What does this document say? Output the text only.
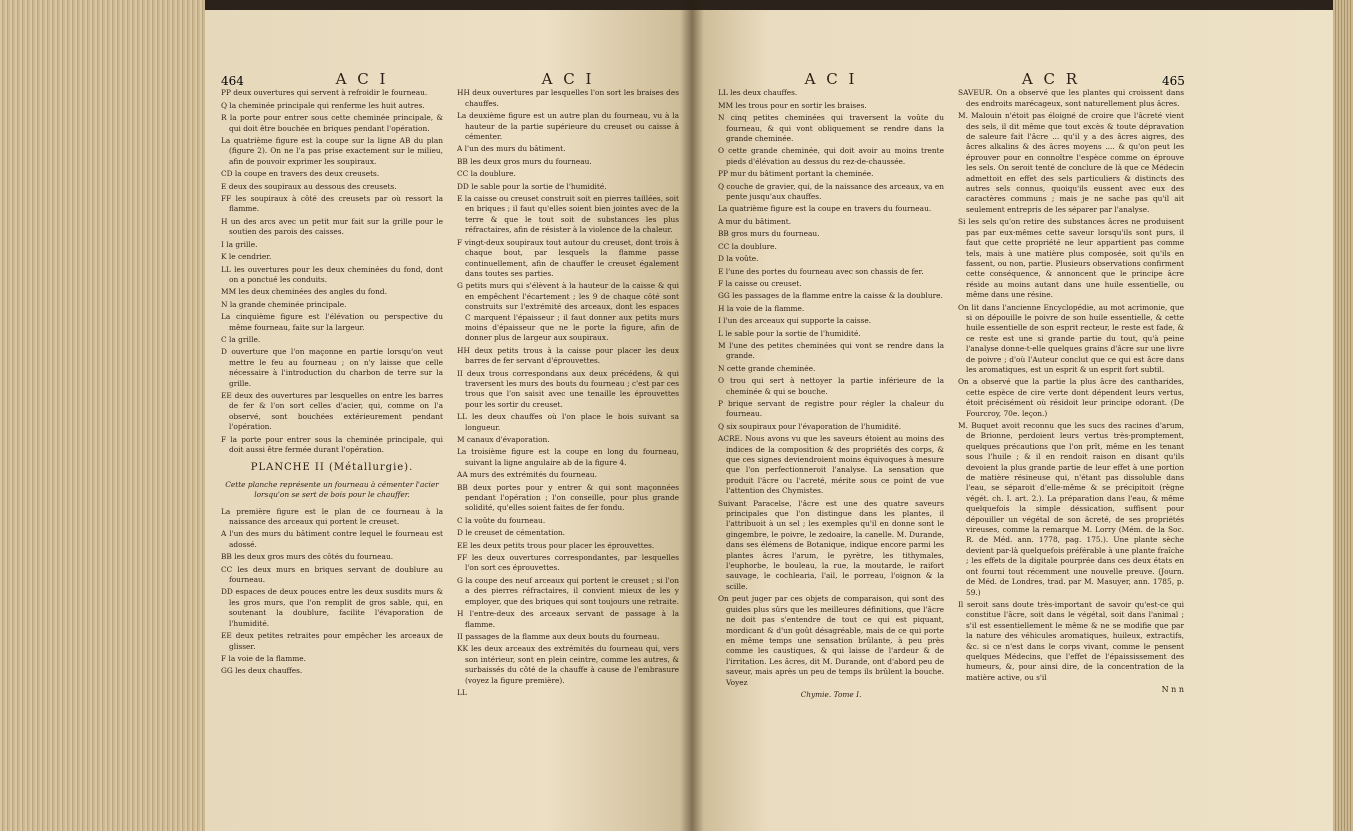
464	A C I

PP deux ouvertures qui servent à refroidir le fourneau.

Q la cheminée principale qui renferme les huit autres.

R la porte pour entrer sous cette cheminée principale, & qui doit être bouchée en briques pendant l'opération.

La quatrième figure est la coupe sur la ligne AB du plan (figure 2). On ne l'a pas prise exactement sur le milieu, afin de pouvoir exprimer les soupiraux.

CD la coupe en travers des deux creusets.

E deux des soupiraux au dessous des creusets.

FF les soupiraux à côté des creusets par où ressort la flamme.

H un des arcs avec un petit mur fait sur la grille pour le soutien des parois des caisses.

I la grille.

K le cendrier.

LL les ouvertures pour les deux cheminées du fond, dont on a ponctué les conduits.

MM les deux cheminées des angles du fond.

N la grande cheminée principale.

La cinquième figure est l'élévation ou perspective du même fourneau, faite sur la largeur.

C la grille.

D ouverture que l'on maçonne en partie lorsqu'on veut mettre le feu au fourneau ; on n'y laisse que celle nécessaire à l'introduction du charbon de terre sur la grille.

EE deux des ouvertures par lesquelles on entre les barres de fer & l'on sort celles d'acier, qui, comme on l'a observé, sont bouchées extérieurement pendant l'opération.

F la porte pour entrer sous la cheminée principale, qui doit aussi être fermée durant l'opération.

PLANCHE II (Métallurgie).

Cette planche représente un fourneau à cémenter l'acier lorsqu'on se sert de bois pour le chauffer.

La première figure est le plan de ce fourneau à la naissance des arceaux qui portent le creuset.

A l'un des murs du bâtiment contre lequel le fourneau est adossé.

BB les deux gros murs des côtés du fourneau.

CC les deux murs en briques servant de doublure au fourneau.

DD espaces de deux pouces entre les deux susdits murs & les gros murs, que l'on remplit de gros sable, qui, en soutenant la doublure, facilite l'évaporation de l'humidité.

EE deux petites retraites pour empêcher les arceaux de glisser.

F la voie de la flamme.

GG les deux chauffes.

A C I

HH deux ouvertures par lesquelles l'on sort les braises des chauffes.

La deuxième figure est un autre plan du fourneau, vu à la hauteur de la partie supérieure du creuset ou caisse à cémenter.

A l'un des murs du bâtiment.

BB les deux gros murs du fourneau.

CC la doublure.

DD le sable pour la sortie de l'humidité.

E la caisse ou creuset construit soit en pierres taillées, soit en briques ; il faut qu'elles soient bien jointes avec de la terre & que le tout soit de substances les plus réfractaires, afin de résister à la violence de la chaleur.

F vingt-deux soupiraux tout autour du creuset, dont trois à chaque bout, par lesquels la flamme passe continuellement, afin de chauffer le creuset également dans toutes ses parties.

G petits murs qui s'élèvent à la hauteur de la caisse & qui en empêchent l'écartement ; les 9 de chaque côté sont construits sur l'extrémité des arceaux, dont les espaces C marquent l'épaisseur ; il faut donner aux petits murs moins d'épaisseur que ne le porte la figure, afin de donner plus de largeur aux soupiraux.

HH deux petits trous à la caisse pour placer les deux barres de fer servant d'éprouvettes.

II deux trous correspondans aux deux précédens, & qui traversent les murs des bouts du fourneau ; c'est par ces trous que l'on saisit avec une tenaille les éprouvettes pour les sortir du creuset.

LL les deux chauffes où l'on place le bois suivant sa longueur.

M canaux d'évaporation.

La troisième figure est la coupe en long du fourneau, suivant la ligne angulaire ab de la figure 4.

AA murs des extrémités du fourneau.

BB deux portes pour y entrer & qui sont maçonnées pendant l'opération ; l'on conseille, pour plus grande solidité, qu'elles soient faites de fer fondu.

C la voûte du fourneau.

D le creuset de cémentation.

EE les deux petits trous pour placer les éprouvettes.

FF les deux ouvertures correspondantes, par lesquelles l'on sort ces éprouvettes.

G la coupe des neuf arceaux qui portent le creuset ; si l'on a des pierres réfractaires, il convient mieux de les y employer, que des briques qui sont toujours une retraite.

H l'entre-deux des arceaux servant de passage à la flamme.

II passages de la flamme aux deux bouts du fourneau.

KK les deux arceaux des extrémités du fourneau qui, vers son intérieur, sont en plein ceintre, comme les autres, & surbaissés du côté de la chauffe à cause de l'embrasure (voyez la figure première).

LL

A C I

LL les deux chauffes.

MM les trous pour en sortir les braises.

N cinq petites cheminées qui traversent la voûte du fourneau, & qui vont obliquement se rendre dans la grande cheminée.

O cette grande cheminée, qui doit avoir au moins trente pieds d'élévation au dessus du rez-de-chaussée.

PP mur du bâtiment portant la cheminée.

Q couche de gravier, qui, de la naissance des arceaux, va en pente jusqu'aux chauffes.

La quatrième figure est la coupe en travers du fourneau.

A mur du bâtiment.

BB gros murs du fourneau.

CC la doublure.

D la voûte.

E l'une des portes du fourneau avec son chassis de fer.

F la caisse ou creuset.

GG les passages de la flamme entre la caisse & la doublure.

H la voie de la flamme.

I l'un des arceaux qui supporte la caisse.

L le sable pour la sortie de l'humidité.

M l'une des petites cheminées qui vont se rendre dans la grande.

N cette grande cheminée.

O trou qui sert à nettoyer la partie inférieure de la cheminée & qui se bouche.

P brique servant de registre pour régler la chaleur du fourneau.

Q six soupiraux pour l'évaporation de l'humidité.

ACRE. Nous avons vu que les saveurs étoient au moins des indices de la composition & des propriétés des corps, & que ces signes deviendroient moins équivoques à mesure que l'on perfectionneroit l'analyse. La sensation que produit l'âcre ou l'acreté, mérite sous ce point de vue l'attention des Chymistes.

Suivant Paracelse, l'âcre est une des quatre saveurs principales que l'on distingue dans les plantes, il l'attribuoit à un sel ; les exemples qu'il en donne sont le gingembre, le poivre, le zedoaire, la canelle. M. Durande, dans ses élémens de Botanique, indique encore parmi les plantes âcres l'arum, le pyrètre, les tithymales, l'euphorbe, le bouleau, la rue, la moutarde, le raifort sauvage, le cochlearia, l'ail, le porreau, l'oignon & la scille.

On peut juger par ces objets de comparaison, qui sont des guides plus sûrs que les meilleures définitions, que l'âcre ne doit pas s'entendre de tout ce qui est piquant, mordicant & d'un goût désagréable, mais de ce qui porte en même temps une sensation brûlante, à peu près comme les caustiques, & qui laisse de l'ardeur & de l'irritation. Les âcres, dit M. Durande, ont d'abord peu de saveur, mais après un peu de temps ils brûlent la bouche. Voyez

Chymie. Tome I.

A C R

SAVEUR. On a observé que les plantes qui croissent dans des endroits marécageux, sont naturellement plus âcres.

M. Malouin n'étoit pas éloigné de croire que l'âcreté vient des sels, il dit même que tout excès & toute dépravation de saleure fait l'âcre ... qu'il y a des âcres aigres, des âcres alkalins & des âcres moyens .... & qu'on peut les éprouver pour en connoître l'espèce comme on éprouve les sels. On seroit tenté de conclure de là que ce Médecin admettoit en effet des sels particuliers & distincts des autres sels connus, quoiqu'ils eussent avec eux des caractères communs ; mais je ne sache pas qu'il ait seulement entrepris de les séparer par l'analyse.

Si les sels qu'on retire des substances âcres ne produisent pas par eux-mêmes cette saveur lorsqu'ils sont purs, il faut que cette propriété ne leur appartient pas comme tels, mais à une matière plus composée, soit qu'ils en fassent, ou non, partie. Plusieurs observations confirment cette conséquence, & annoncent que le principe âcre réside au moins autant dans une huile essentielle, ou même dans une résine.

On lit dans l'ancienne Encyclopédie, au mot acrimonie, que si on dépouille le poivre de son huile essentielle, & cette huile essentielle de son esprit recteur, le reste est fade, & ce reste est une si grande partie du tout, qu'à peine l'analyse donne-t-elle quelques grains d'âcre sur une livre de poivre ; d'où l'Auteur conclut que ce qui est âcre dans les aromatiques, est un esprit & un esprit fort subtil.

On a observé que la partie la plus âcre des cantharides, cette espèce de cire verte dont dépendent leurs vertus, étoit précisément où résidoit leur principe odorant. (De Fourcroy, 70e. leçon.)

M. Buquet avoit reconnu que les sucs des racines d'arum, de Brionne, perdoient leurs vertus très-promptement, quelques précautions que l'on prît, même en les tenant sous l'huile ; & il en rendoit raison en disant qu'ils devoient la plus grande partie de leur effet à une portion de matière résineuse qui, n'étant pas dissoluble dans l'eau, se séparoit d'elle-même & se précipitoit (règne végét. ch. I. art. 2.). La préparation dans l'eau, & même quelquefois la simple déssication, suffisent pour dépouiller un végétal de son âcreté, de ses propriétés vireuses, comme la remarque M. Lorry (Mém. de la Soc. R. de Méd. ann. 1778, pag. 175.). Une plante sèche devient par-là quelquefois préférable à une plante fraîche ; les effets de la digitale pourprée dans ces deux états en ont fourni tout récemment une nouvelle preuve. (Journ. de Méd. de Londres, trad. par M. Masuyer, ann. 1785, p. 59.)

Il seroit sans doute très-important de savoir qu'est-ce qui constitue l'âcre, soit dans le végétal, soit dans l'animal ; s'il est essentiellement le même & ne se modifie que par la nature des véhicules aromatiques, huileux, extractifs, &c. si ce n'est dans le corps vivant, comme le pensent quelques Médecins, que l'effet de l'épaississement des humeurs, &, pour ainsi dire, de la concentration de la matière active, ou s'il

N n n
465
